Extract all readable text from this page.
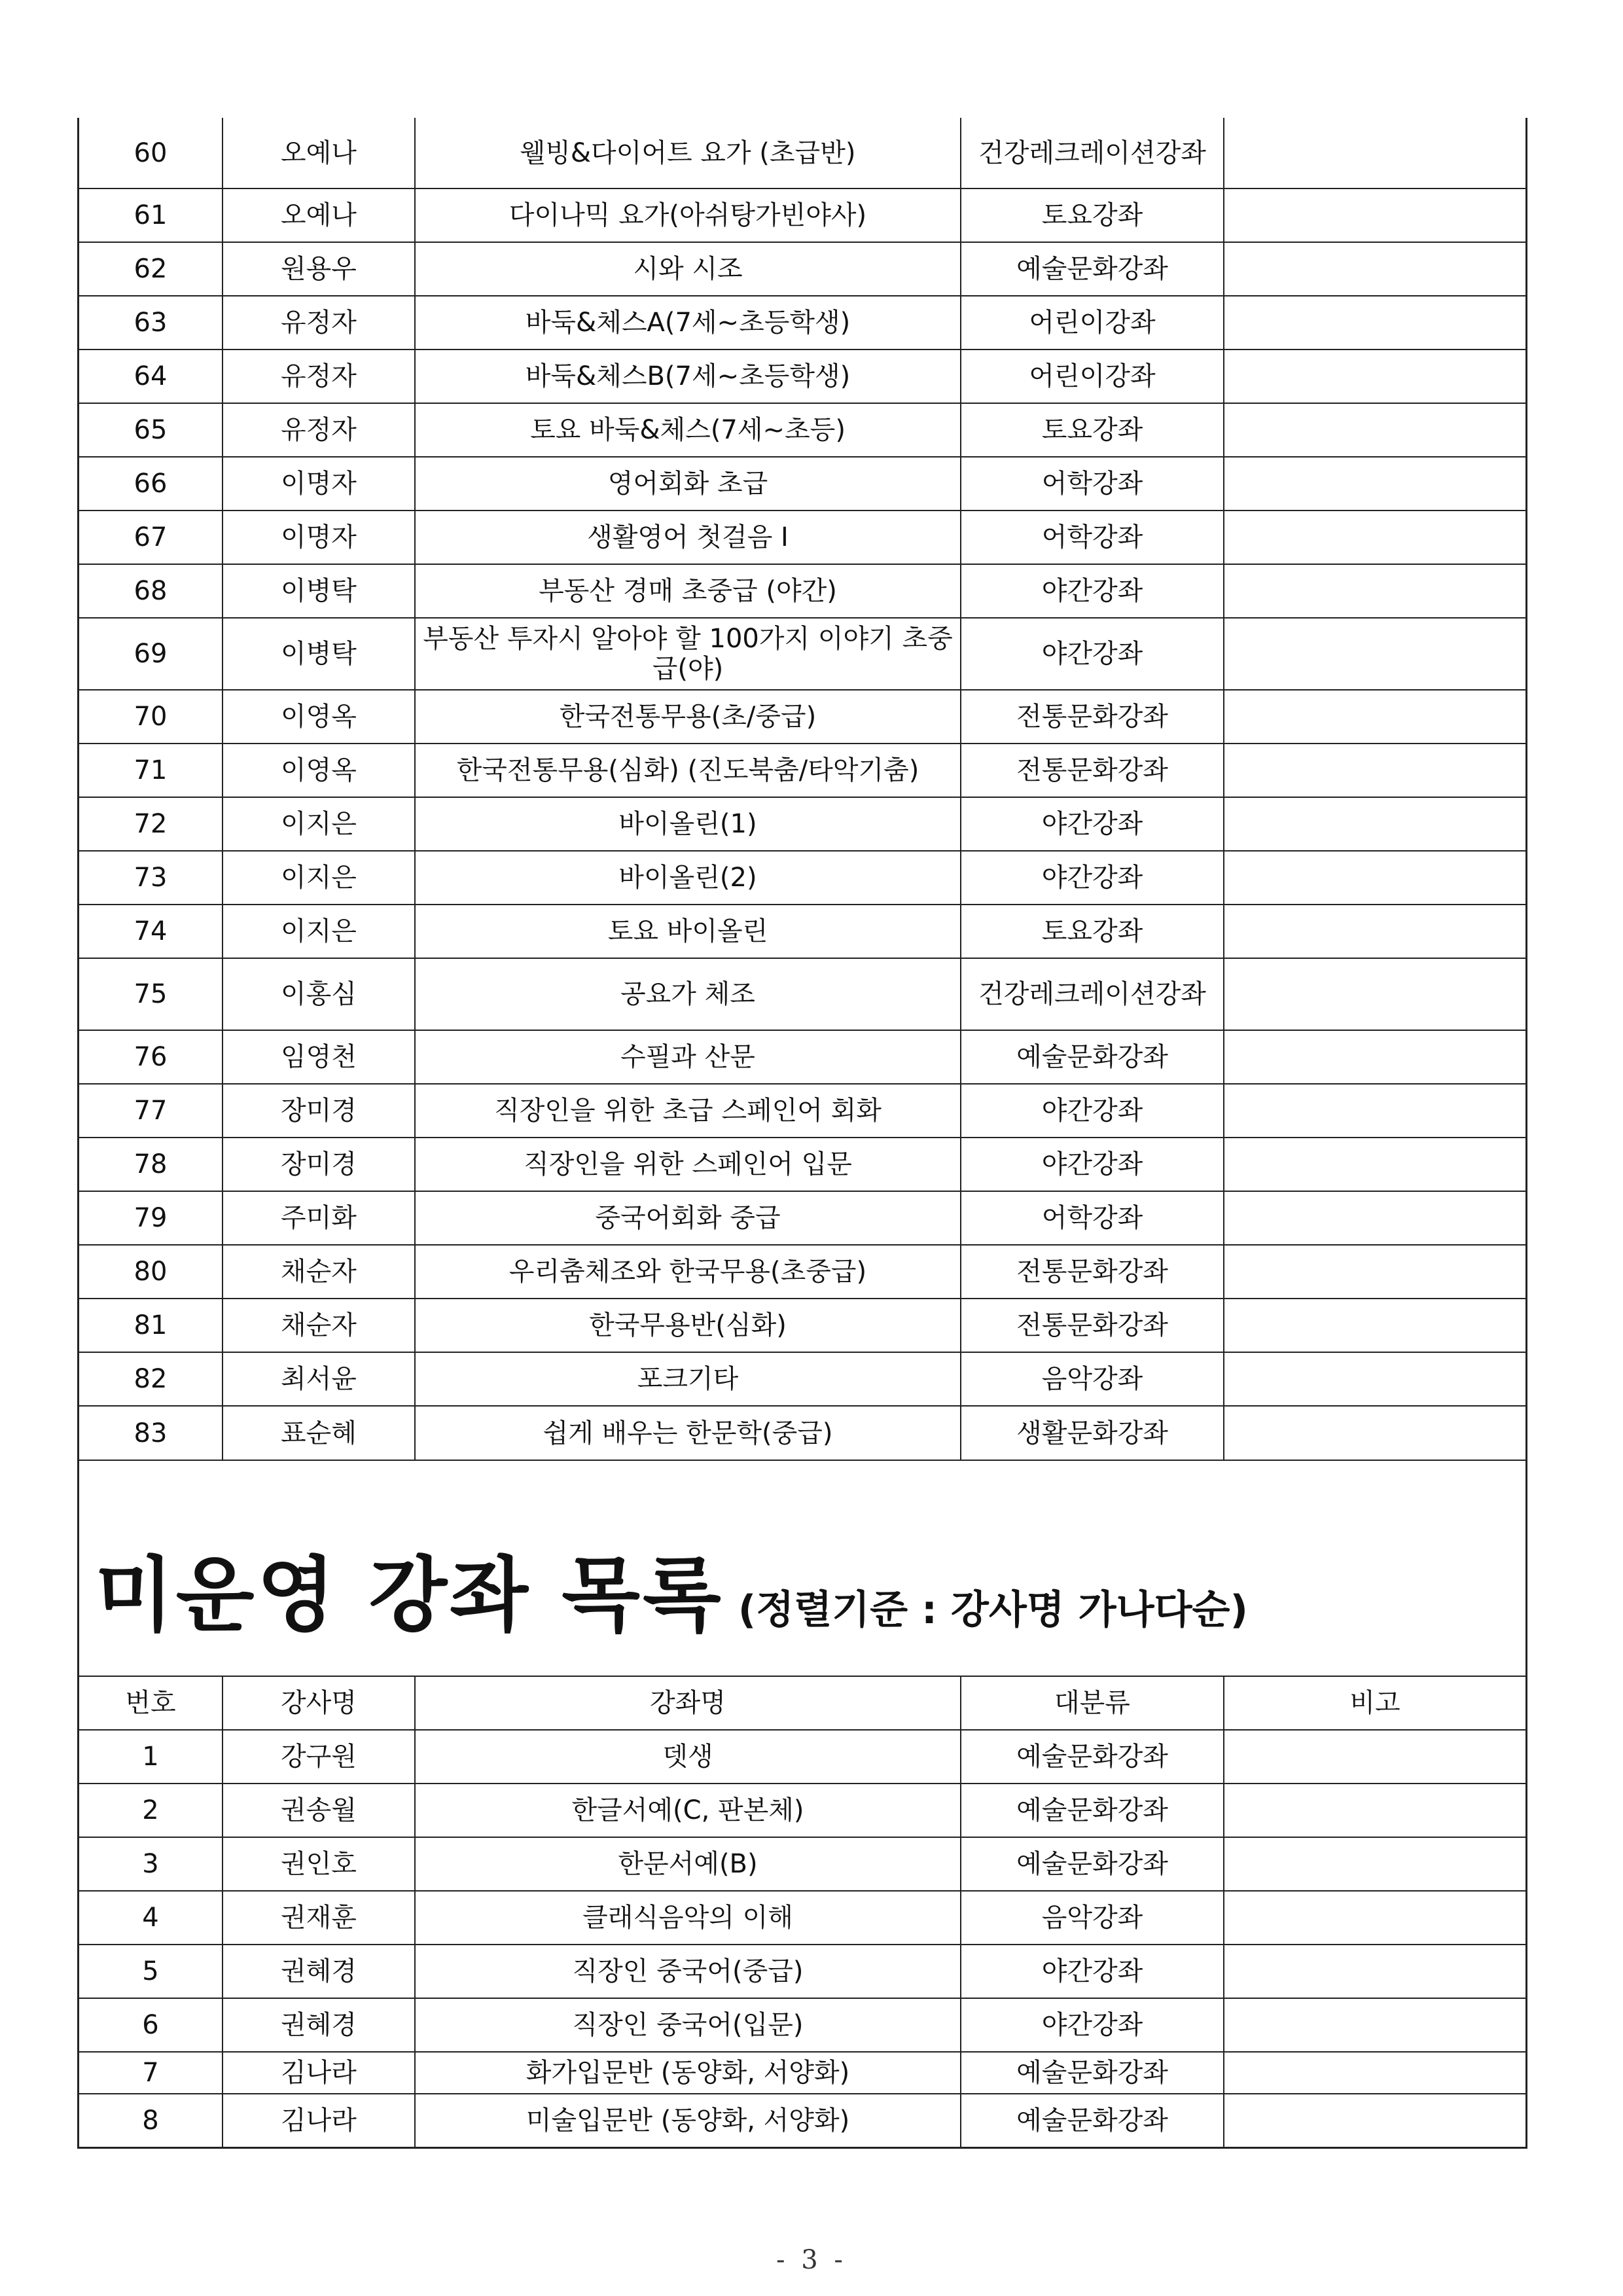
60	오예나	웰빙&다이어트 요가 (초급반)	건강레크레이션강좌	
61	오예나	다이나믹 요가(아쉬탕가빈야사)	토요강좌	
62	원용우	시와 시조	예술문화강좌	
63	유정자	바둑&체스A(7세~초등학생)	어린이강좌	
64	유정자	바둑&체스B(7세~초등학생)	어린이강좌	
65	유정자	토요 바둑&체스(7세~초등)	토요강좌	
66	이명자	영어회화 초급	어학강좌	
67	이명자	생활영어 첫걸음 I	어학강좌	
68	이병탁	부동산 경매 초중급 (야간)	야간강좌	
69	이병탁	부동산 투자시 알아야 할 100가지 이야기 초중급(야)	야간강좌	
70	이영옥	한국전통무용(초/중급)	전통문화강좌	
71	이영옥	한국전통무용(심화) (진도북춤/타악기춤)	전통문화강좌	
72	이지은	바이올린(1)	야간강좌	
73	이지은	바이올린(2)	야간강좌	
74	이지은	토요 바이올린	토요강좌	
75	이홍심	공요가 체조	건강레크레이션강좌	
76	임영천	수필과 산문	예술문화강좌	
77	장미경	직장인을 위한 초급 스페인어 회화	야간강좌	
78	장미경	직장인을 위한 스페인어 입문	야간강좌	
79	주미화	중국어회화 중급	어학강좌	
80	채순자	우리춤체조와 한국무용(초중급)	전통문화강좌	
81	채순자	한국무용반(심화)	전통문화강좌	
82	최서윤	포크기타	음악강좌	
83	표순혜	쉽게 배우는 한문학(중급)	생활문화강좌	
미운영 강좌 목록 (정렬기준 : 강사명 가나다순)
번호	강사명	강좌명	대분류	비고
1	강구원	뎃생	예술문화강좌	
2	권송월	한글서예(C, 판본체)	예술문화강좌	
3	권인호	한문서예(B)	예술문화강좌	
4	권재훈	클래식음악의 이해	음악강좌	
5	권혜경	직장인 중국어(중급)	야간강좌	
6	권혜경	직장인 중국어(입문)	야간강좌	
7	김나라	화가입문반 (동양화, 서양화)	예술문화강좌	
8	김나라	미술입문반 (동양화, 서양화)	예술문화강좌	
- 3 -
